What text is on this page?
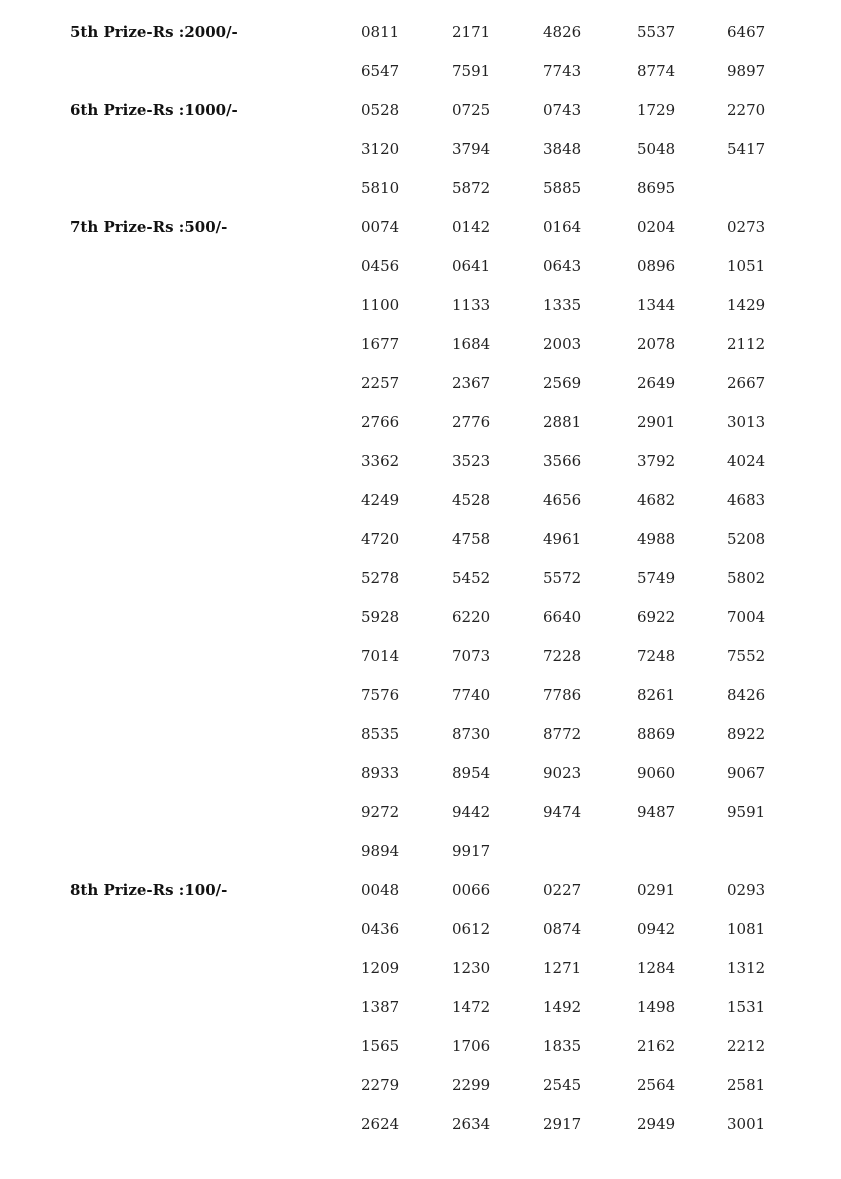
5th Prize-Rs :2000/-	0811	2171	4826	5537	6467
6547	7591	7743	8774	9897
6th Prize-Rs :1000/-	0528	0725	0743	1729	2270
3120	3794	3848	5048	5417
5810	5872	5885	8695
7th Prize-Rs :500/-	0074	0142	0164	0204	0273
0456	0641	0643	0896	1051
1100	1133	1335	1344	1429
1677	1684	2003	2078	2112
2257	2367	2569	2649	2667
2766	2776	2881	2901	3013
3362	3523	3566	3792	4024
4249	4528	4656	4682	4683
4720	4758	4961	4988	5208
5278	5452	5572	5749	5802
5928	6220	6640	6922	7004
7014	7073	7228	7248	7552
7576	7740	7786	8261	8426
8535	8730	8772	8869	8922
8933	8954	9023	9060	9067
9272	9442	9474	9487	9591
9894	9917
8th Prize-Rs :100/-	0048	0066	0227	0291	0293
0436	0612	0874	0942	1081
1209	1230	1271	1284	1312
1387	1472	1492	1498	1531
1565	1706	1835	2162	2212
2279	2299	2545	2564	2581
2624	2634	2917	2949	3001
